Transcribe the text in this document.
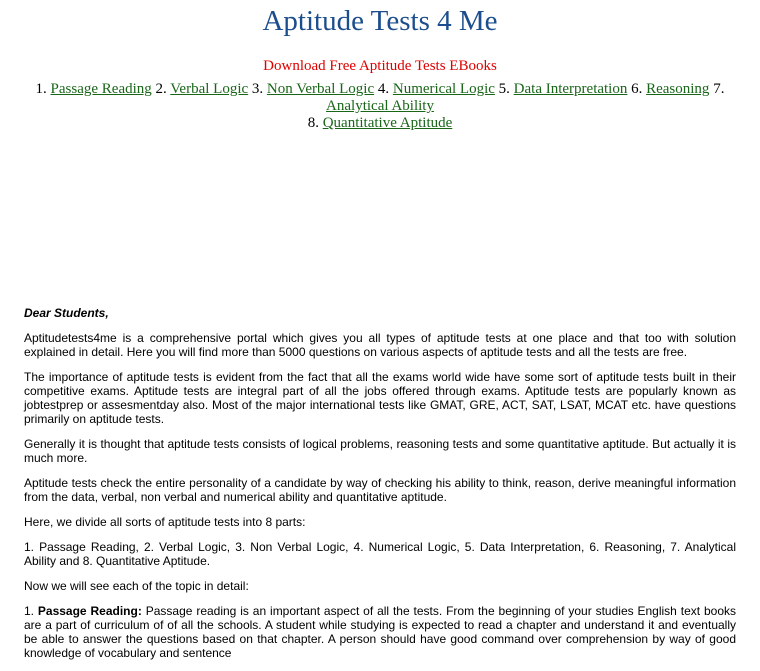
Aptitude Tests 4 Me
Download Free Aptitude Tests EBooks
1. Passage Reading 2. Verbal Logic 3. Non Verbal Logic 4. Numerical Logic 5. Data Interpretation 6. Reasoning 7. Analytical Ability
8. Quantitative Aptitude

Dear Students,

Aptitudetests4me is a comprehensive portal which gives you all types of aptitude tests at one place and that too with solution explained in detail. Here you will find more than 5000 questions on various aspects of aptitude tests and all the tests are free.

The importance of aptitude tests is evident from the fact that all the exams world wide have some sort of aptitude tests built in their competitive exams. Aptitude tests are integral part of all the jobs offered through exams. Aptitude tests are popularly known as jobtestprep or assesmentday also. Most of the major international tests like GMAT, GRE, ACT, SAT, LSAT, MCAT etc. have questions primarily on aptitude tests.

Generally it is thought that aptitude tests consists of logical problems, reasoning tests and some quantitative aptitude. But actually it is much more.

Aptitude tests check the entire personality of a candidate by way of checking his ability to think, reason, derive meaningful information from the data, verbal, non verbal and numerical ability and quantitative aptitude.

Here, we divide all sorts of aptitude tests into 8 parts:

1. Passage Reading, 2. Verbal Logic, 3. Non Verbal Logic, 4. Numerical Logic, 5. Data Interpretation, 6. Reasoning, 7. Analytical Ability and 8. Quantitative Aptitude.

Now we will see each of the topic in detail:

1. Passage Reading: Passage reading is an important aspect of all the tests. From the beginning of your studies English text books are a part of curriculum of of all the schools. A student while studying is expected to read a chapter and understand it and eventually be able to answer the questions based on that chapter. A person should have good command over comprehension by way of good knowledge of vocabulary and sentence
